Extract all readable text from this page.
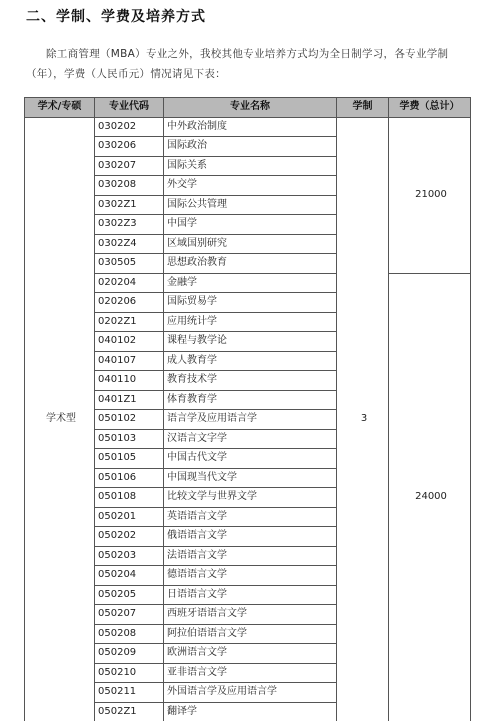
二、学制、学费及培养方式
除工商管理（MBA）专业之外，我校其他专业培养方式均为全日制学习，各专业学制（年），学费（人民币元）情况请见下表：
学术/专硕	专业代码	专业名称	学制	学费（总计）
学术型	030202	中外政治制度	3	21000
	030206	国际政治		
	030207	国际关系		
	030208	外交学		
	0302Z1	国际公共管理		
	0302Z3	中国学		
	0302Z4	区域国别研究		
	030505	思想政治教育		
	020204	金融学		24000
	020206	国际贸易学		
	0202Z1	应用统计学		
	040102	课程与教学论		
	040107	成人教育学		
	040110	教育技术学		
	0401Z1	体育教育学		
	050102	语言学及应用语言学		
	050103	汉语言文字学		
	050105	中国古代文学		
	050106	中国现当代文学		
	050108	比较文学与世界文学		
	050201	英语语言文学		
	050202	俄语语言文学		
	050203	法语语言文学		
	050204	德语语言文学		
	050205	日语语言文学		
	050207	西班牙语语言文学		
	050208	阿拉伯语语言文学		
	050209	欧洲语言文学		
	050210	亚非语言文学		
	050211	外国语言学及应用语言学		
	0502Z1	翻译学		
